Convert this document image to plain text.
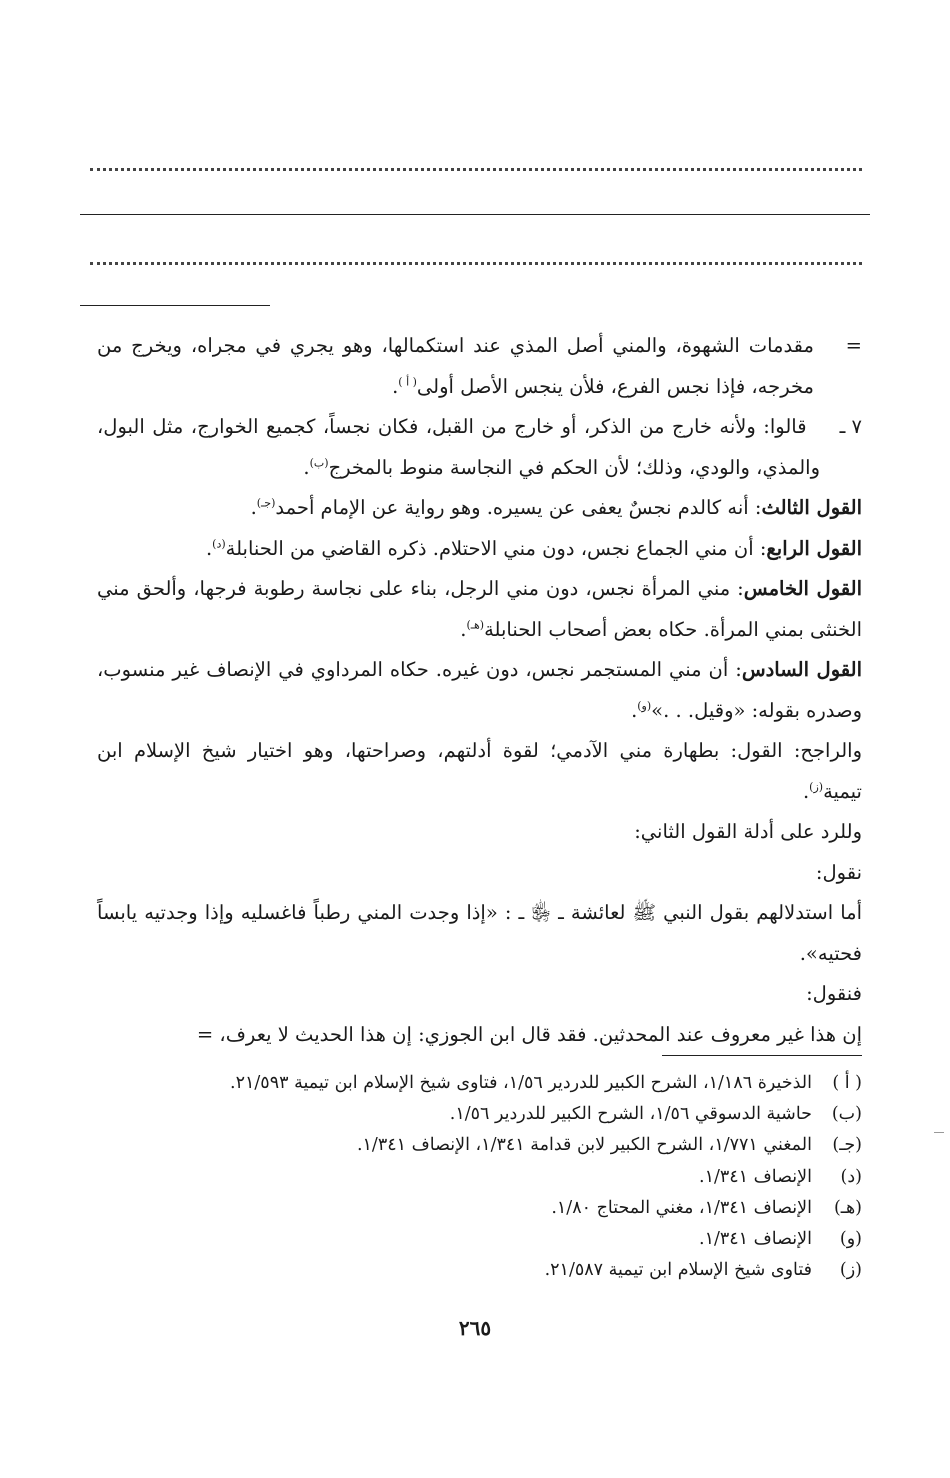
=

مقدمات الشهوة، والمني أصل المذي عند استكمالها، وهو يجري في مجراه، ويخرج من مخرجه، فإذا نجس الفرع، فلأن ينجس الأصل أولى$^{( أ )}$.

٧ ـ قالوا: ولأنه خارج من الذكر، أو خارج من القبل، فكان نجساً، كجميع الخوارج، مثل البول، والمذي، والودي، وذلك؛ لأن الحكم في النجاسة منوط بالمخرج$^{(ب)}$.

القول الثالث: أنه كالدم نجسٌ يعفى عن يسيره. وهو رواية عن الإمام أحمد$^{(جـ)}$.

القول الرابع: أن مني الجماع نجس، دون مني الاحتلام. ذكره القاضي من الحنابلة$^{(د)}$.

القول الخامس: مني المرأة نجس، دون مني الرجل، بناء على نجاسة رطوبة فرجها، وألحق مني الخنثى بمني المرأة. حكاه بعض أصحاب الحنابلة$^{(هـ)}$.

القول السادس: أن مني المستجمر نجس، دون غيره. حكاه المرداوي في الإنصاف غير منسوب، وصدره بقوله: «وقيل. . .»$^{(و)}$.

والراجح: القول: بطهارة مني الآدمي؛ لقوة أدلتهم، وصراحتها، وهو اختيار شيخ الإسلام ابن تيمية$^{(ز)}$.

وللرد على أدلة القول الثاني:

نقول:

أما استدلالهم بقول النبي ﷺ لعائشة ـ ﵂ ـ : «إذا وجدت المني رطباً فاغسليه وإذا وجدتيه يابساً فحتيه».

فنقول:

إن هذا غير معروف عند المحدثين. فقد قال ابن الجوزي: إن هذا الحديث لا يعرف، =

( أ )
الذخيرة ١/١٨٦، الشرح الكبير للدردير ١/٥٦، فتاوى شيخ الإسلام ابن تيمية ٢١/٥٩٣.
(ب)
حاشية الدسوقي ١/٥٦، الشرح الكبير للدردير ١/٥٦.
(جـ)
المغني ١/٧٧١، الشرح الكبير لابن قدامة ١/٣٤١، الإنصاف ١/٣٤١.
(د)
الإنصاف ١/٣٤١.
(هـ)
الإنصاف ١/٣٤١، مغني المحتاج ١/٨٠.
(و)
الإنصاف ١/٣٤١.
(ز)
فتاوى شيخ الإسلام ابن تيمية ٢١/٥٨٧.
٢٦٥
